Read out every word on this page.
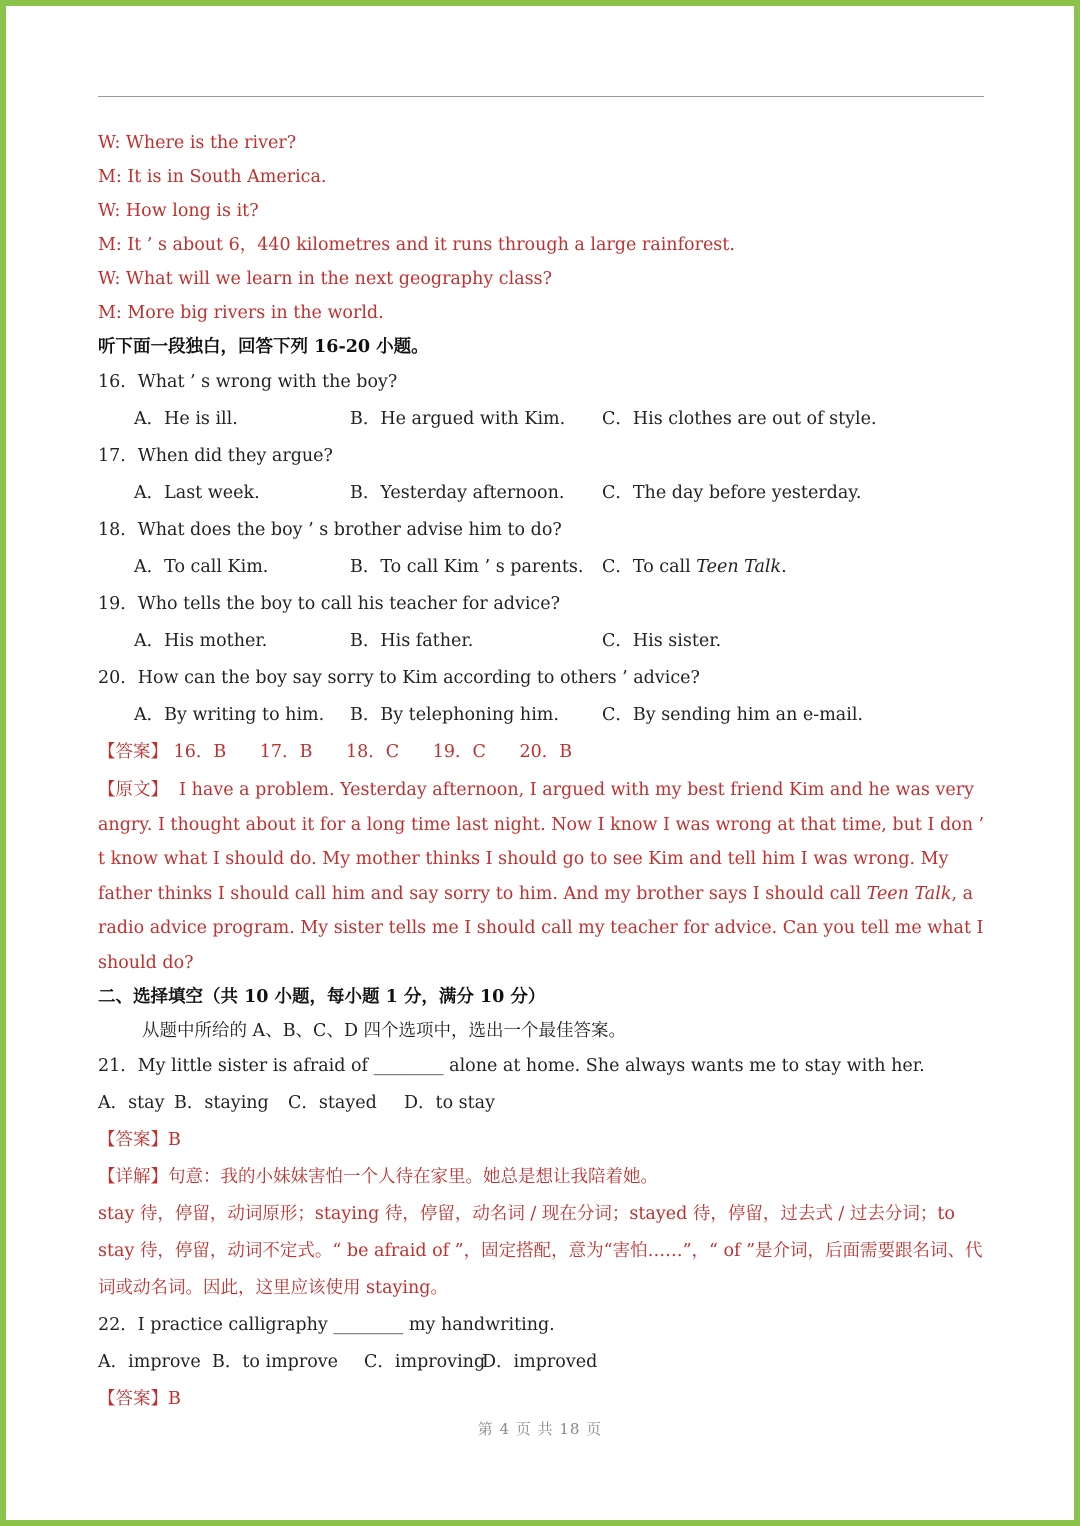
W: Where is the river?
M: It is in South America.
W: How long is it?
M: It ’ s about 6，440 kilometres and it runs through a large rainforest.
W: What will we learn in the next geography class?
M: More big rivers in the world.
听下面一段独白，回答下列 16-20 小题。
16．What ’ s wrong with the boy?
A．He is ill.	B．He argued with Kim. C．His clothes are out of style.
17．When did they argue?
A．Last week.	B．Yesterday afternoon. C．The day before yesterday.
18．What does the boy ’ s brother advise him to do?
A．To call Kim.	B．To call Kim ’ s parents. C．To call Teen Talk.
19．Who tells the boy to call his teacher for advice?
A．His mother.	B．His father.	C．His sister.
20．How can the boy say sorry to Kim according to others ’ advice?
A．By writing to him. B．By telephoning him. C．By sending him an e-mail.
【答案】 16．B 17．B 18．C 19．C 20．B
【原文】 I have a problem. Yesterday afternoon, I argued with my best friend Kim and he was very angry. I thought about it for a long time last night. Now I know I was wrong at that time, but I don ’ t know what I should do. My mother thinks I should go to see Kim and tell him I was wrong. My father thinks I should call him and say sorry to him. And my brother says I should call Teen Talk, a radio advice program. My sister tells me I should call my teacher for advice. Can you tell me what I should do?
二、选择填空（共 10 小题，每小题 1 分，满分 10 分）
从题中所给的 A、B、C、D 四个选项中，选出一个最佳答案。
21．My little sister is afraid of ________ alone at home. She always wants me to stay with her.
A．stay B．staying C．stayed D．to stay
【答案】B
【详解】句意：我的小妹妹害怕一个人待在家里。她总是想让我陪着她。
stay 待，停留，动词原形；staying 待，停留，动名词 / 现在分词；stayed 待，停留，过去式 / 过去分词；to stay 待，停留，动词不定式。“ be afraid of ”，固定搭配，意为“害怕……”，“ of ”是介词，后面需要跟名词、代词或动名词。因此，这里应该使用 staying。
22．I practice calligraphy ________ my handwriting.
A．improve B．to improve C．improving
D．improved
【答案】B
第 4 页 共 18 页
